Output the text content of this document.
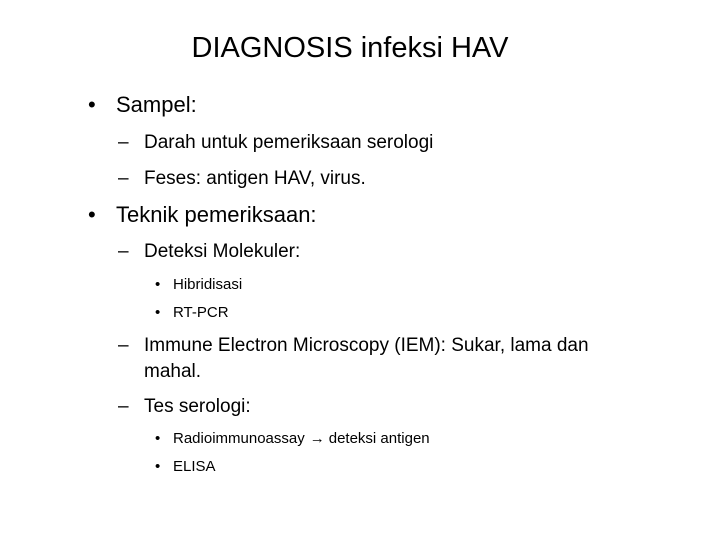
DIAGNOSIS infeksi HAV
• Sampel:
– Darah untuk pemeriksaan serologi
– Feses: antigen HAV, virus.
• Teknik pemeriksaan:
– Deteksi Molekuler:
• Hibridisasi
• RT-PCR
– Immune Electron Microscopy (IEM): Sukar, lama dan mahal.
– Tes serologi:
• Radioimmunoassay → deteksi antigen
• ELISA
